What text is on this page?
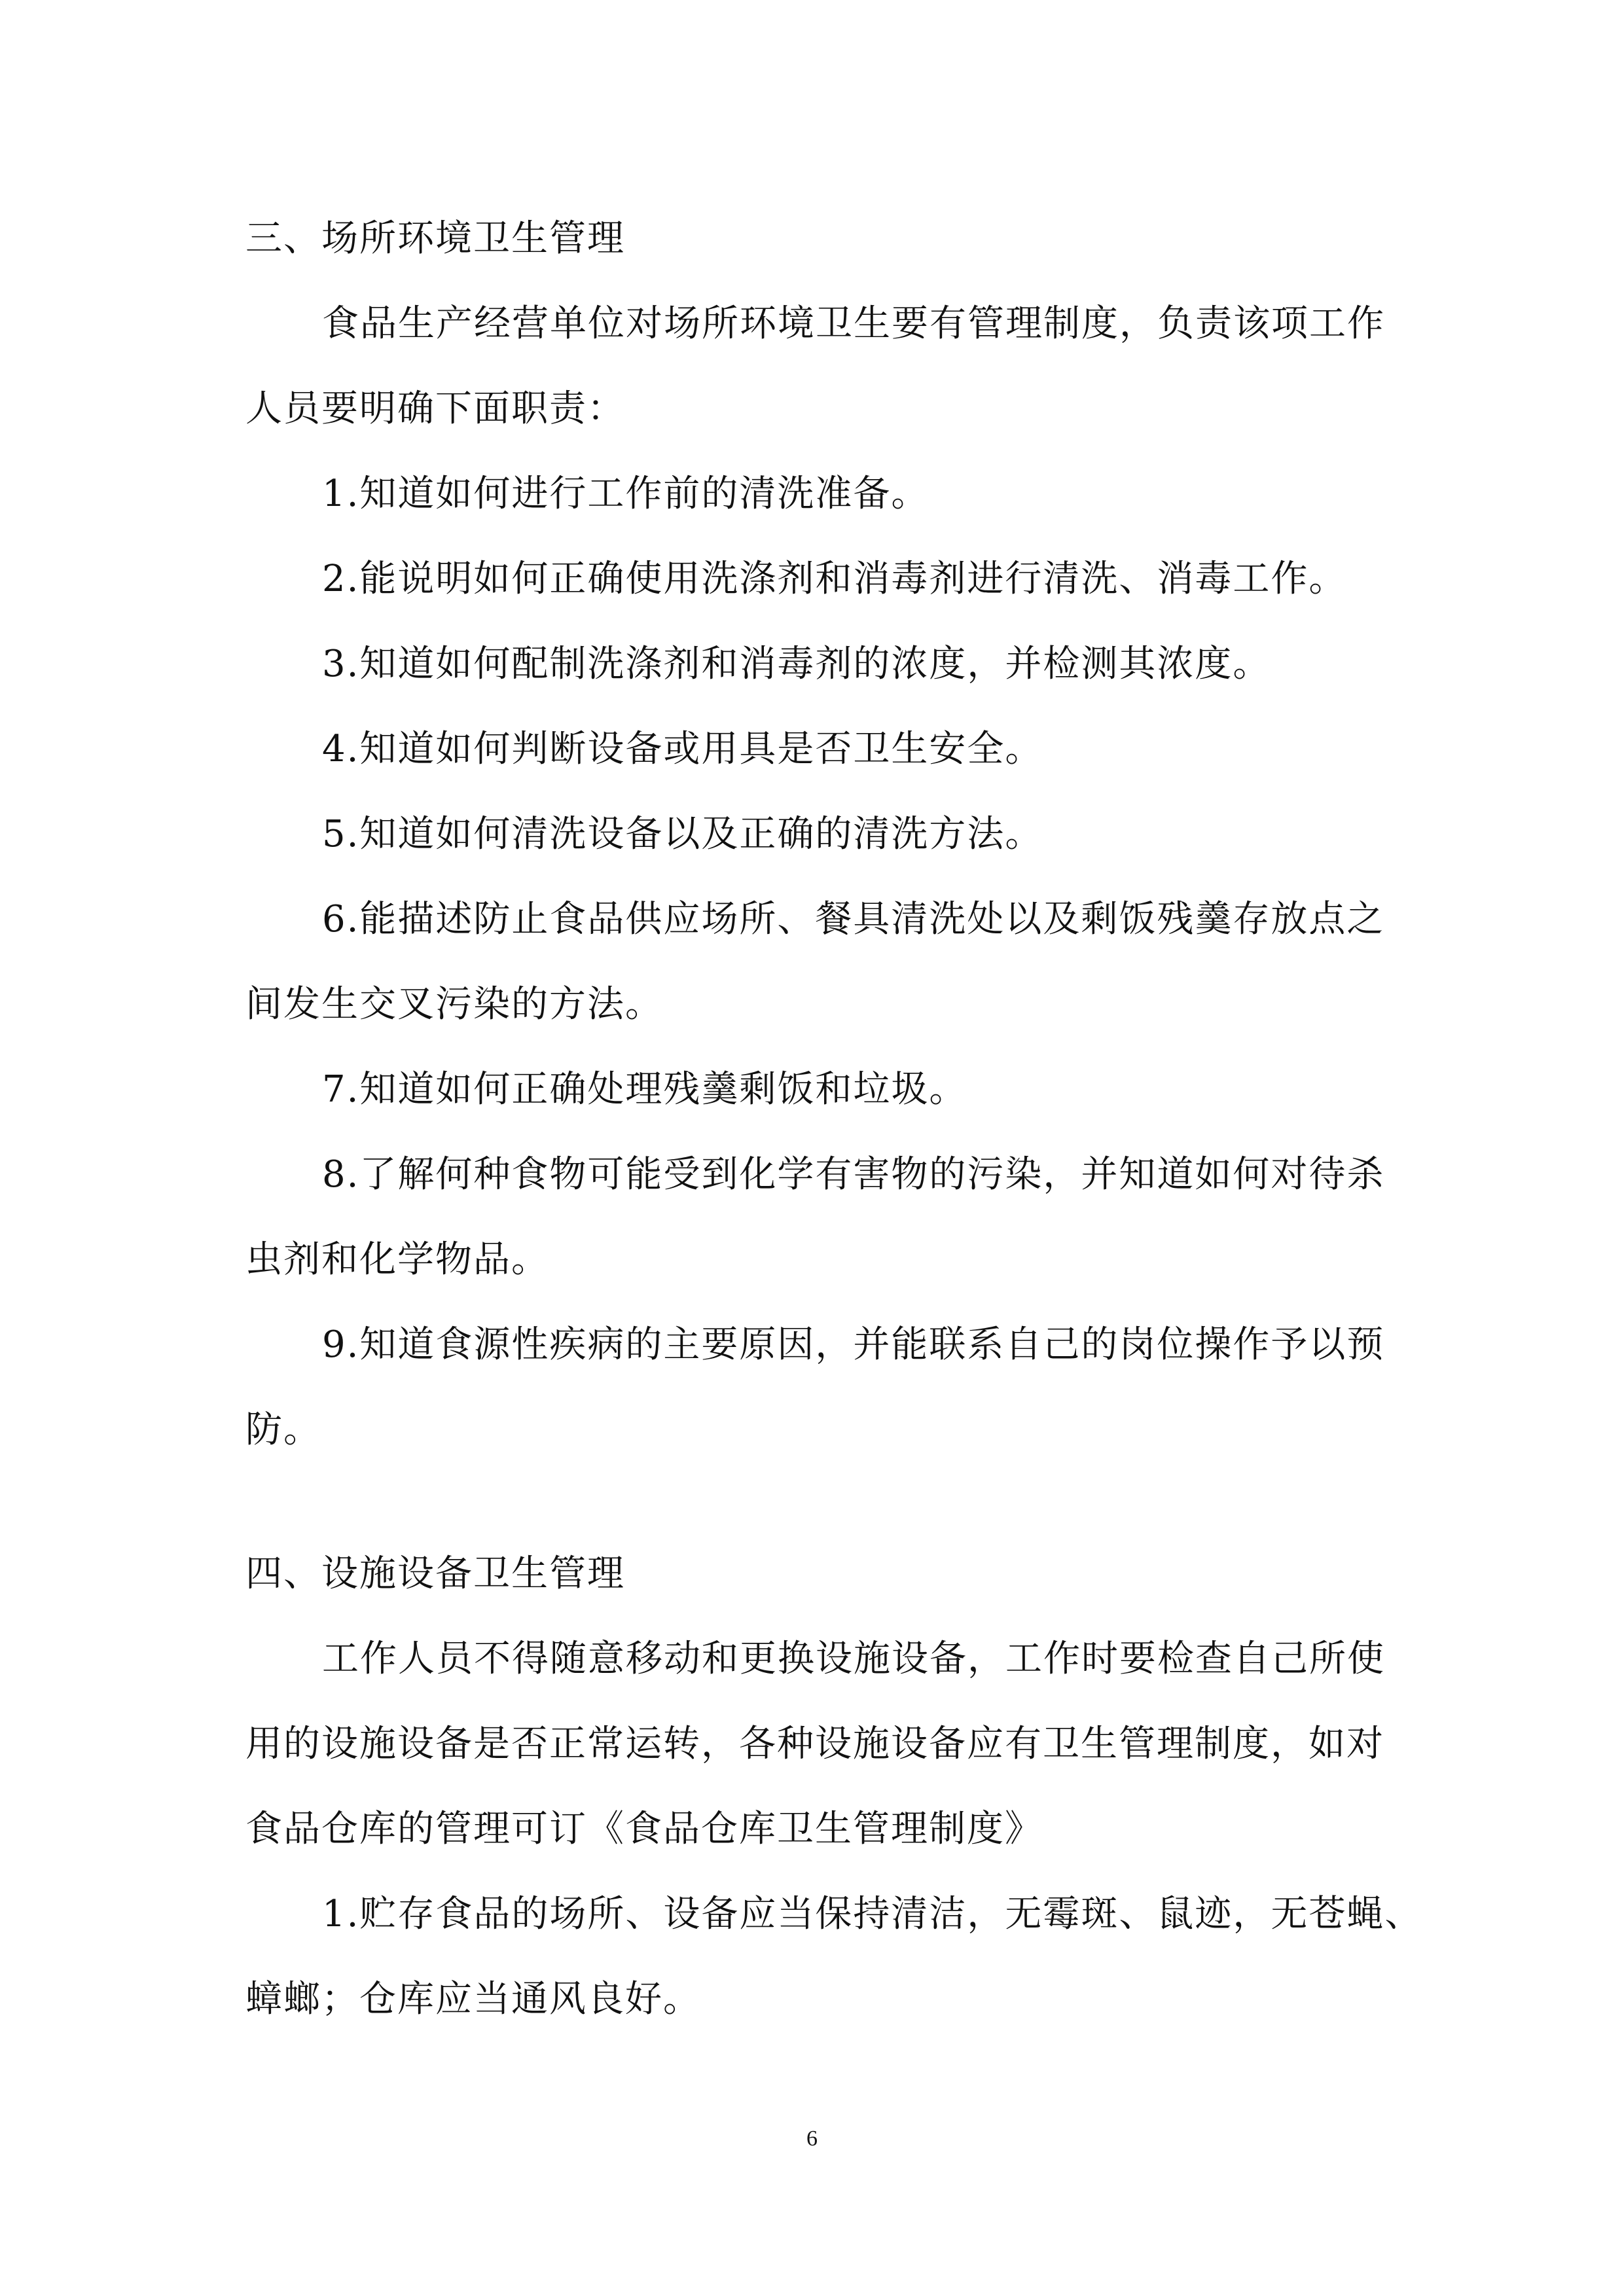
三、场所环境卫生管理
食品生产经营单位对场所环境卫生要有管理制度，负责该项工作
人员要明确下面职责：
1.知道如何进行工作前的清洗准备。
2.能说明如何正确使用洗涤剂和消毒剂进行清洗、消毒工作。
3.知道如何配制洗涤剂和消毒剂的浓度，并检测其浓度。
4.知道如何判断设备或用具是否卫生安全。
5.知道如何清洗设备以及正确的清洗方法。
6.能描述防止食品供应场所、餐具清洗处以及剩饭残羹存放点之
间发生交叉污染的方法。
7.知道如何正确处理残羹剩饭和垃圾。
8.了解何种食物可能受到化学有害物的污染，并知道如何对待杀
虫剂和化学物品。
9.知道食源性疾病的主要原因，并能联系自己的岗位操作予以预
防。
四、设施设备卫生管理
工作人员不得随意移动和更换设施设备，工作时要检查自己所使
用的设施设备是否正常运转，各种设施设备应有卫生管理制度，如对
食品仓库的管理可订《食品仓库卫生管理制度》
1.贮存食品的场所、设备应当保持清洁，无霉斑、鼠迹，无苍蝇、
蟑螂；仓库应当通风良好。
6
